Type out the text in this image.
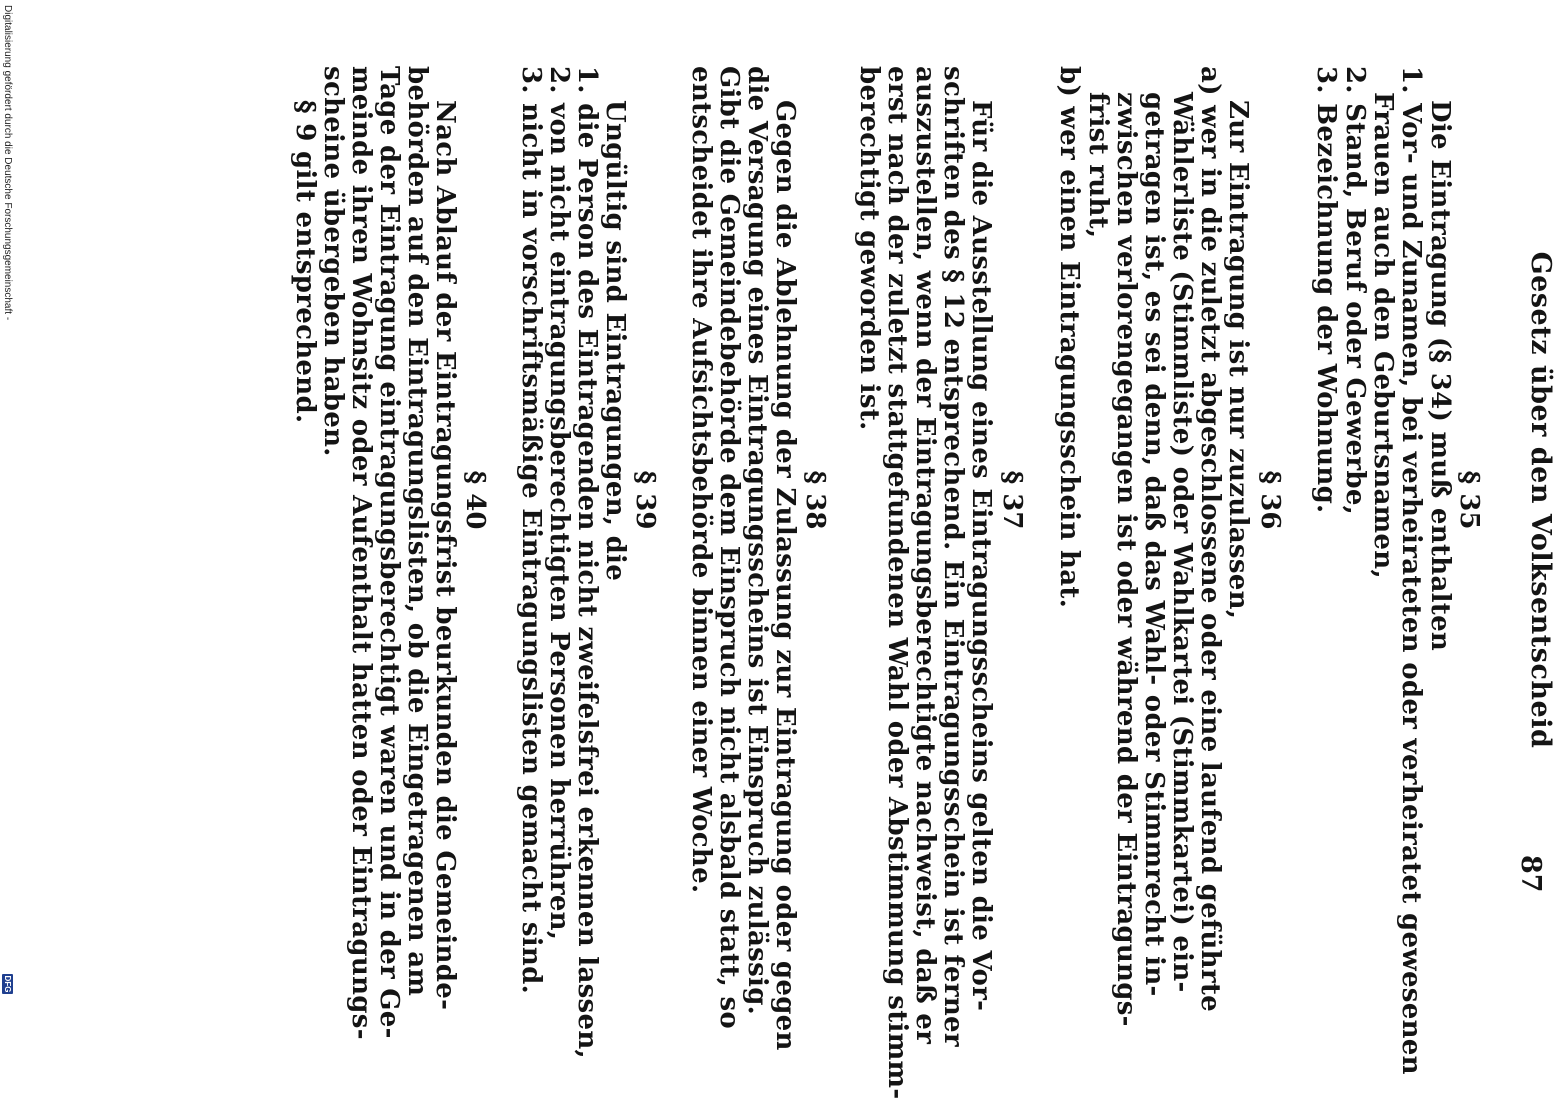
Gesetz über den Volksentscheid
87
§ 35
Die Eintragung (§ 34) muß enthalten
1. Vor- und Zunamen, bei verheirateten oder verheiratet gewesenen
Frauen auch den Geburtsnamen,
2. Stand, Beruf oder Gewerbe,
3. Bezeichnung der Wohnung.
§ 36
Zur Eintragung ist nur zuzulassen,
a) wer in die zuletzt abgeschlossene oder eine laufend geführte
Wählerliste (Stimmliste) oder Wahlkartei (Stimmkartei) ein-
getragen ist, es sei denn, daß das Wahl- oder Stimmrecht in-
zwischen verlorengegangen ist oder während der Eintragungs-
frist ruht,
b) wer einen Eintragungsschein hat.
§ 37
Für die Ausstellung eines Eintragungsscheins gelten die Vor-
schriften des § 12 entsprechend. Ein Eintragungsschein ist ferner
auszustellen, wenn der Eintragungsberechtigte nachweist, daß er
erst nach der zuletzt stattgefundenen Wahl oder Abstimmung stimm-
berechtigt geworden ist.
§ 38
Gegen die Ablehnung der Zulassung zur Eintragung oder gegen
die Versagung eines Eintragungsscheins ist Einspruch zulässig.
Gibt die Gemeindebehörde dem Einspruch nicht alsbald statt, so
entscheidet ihre Aufsichtsbehörde binnen einer Woche.
§ 39
Ungültig sind Eintragungen, die
1. die Person des Eintragenden nicht zweifelsfrei erkennen lassen,
2. von nicht eintragungsberechtigten Personen herrühren,
3. nicht in vorschriftsmäßige Eintragungslisten gemacht sind.
§ 40
Nach Ablauf der Eintragungsfrist beurkunden die Gemeinde-
behörden auf den Eintragungslisten, ob die Eingetragenen am
Tage der Eintragung eintragungsberechtigt waren und in der Ge-
meinde ihren Wohnsitz oder Aufenthalt hatten oder Eintragungs-
scheine übergeben haben.
§ 9 gilt entsprechend.
Digitalisierung gefördert durch die Deutsche Forschungsgemeinschaft -
DFG
